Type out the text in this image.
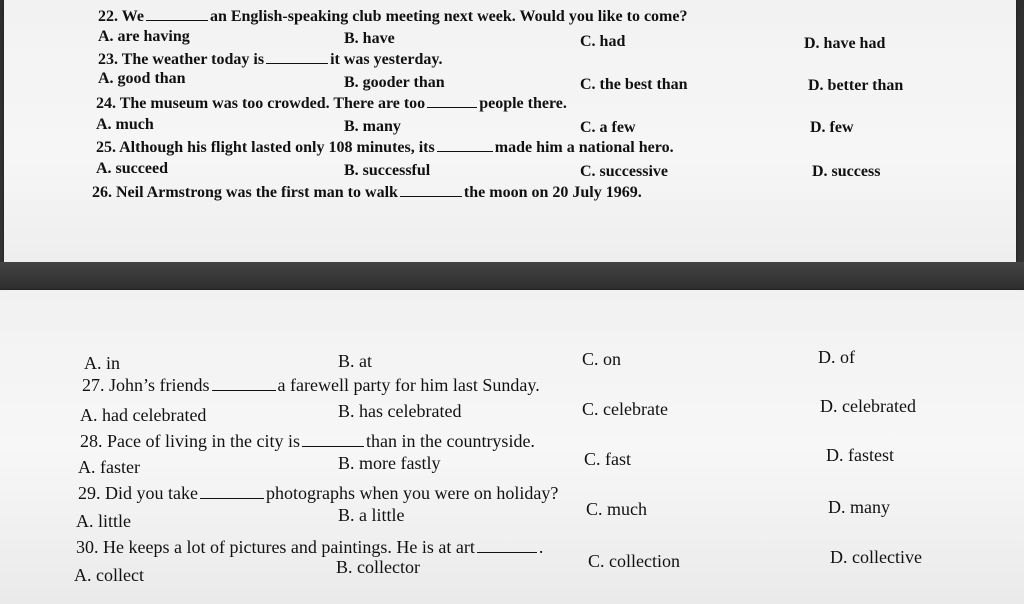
22. We	an English-speaking club meeting next week. Would you like to come?
A. are having	B. have	C. had	D. have had
23. The weather today is	it was yesterday.
A. good than	B. gooder than	C. the best than	D. better than
24. The museum was too crowded. There are too	people there.
A. much	B. many	C. a few	D. few
25. Although his flight lasted only 108 minutes, its	made him a national hero.
A. succeed	B. successful	C. successive	D. success
26. Neil Armstrong was the first man to walk	the moon on 20 July 1969.
A. in	B. at	C. on	D. of
27. John’s friends	a farewell party for him last Sunday.
A. had celebrated	B. has celebrated	C. celebrate	D. celebrated
28. Pace of living in the city is	than in the countryside.
A. faster	B. more fastly	C. fast	D. fastest
29. Did you take	photographs when you were on holiday?
A. little	B. a little	C. much	D. many
30. He keeps a lot of pictures and paintings. He is at art	.
A. collect	B. collector	C. collection	D. collective
